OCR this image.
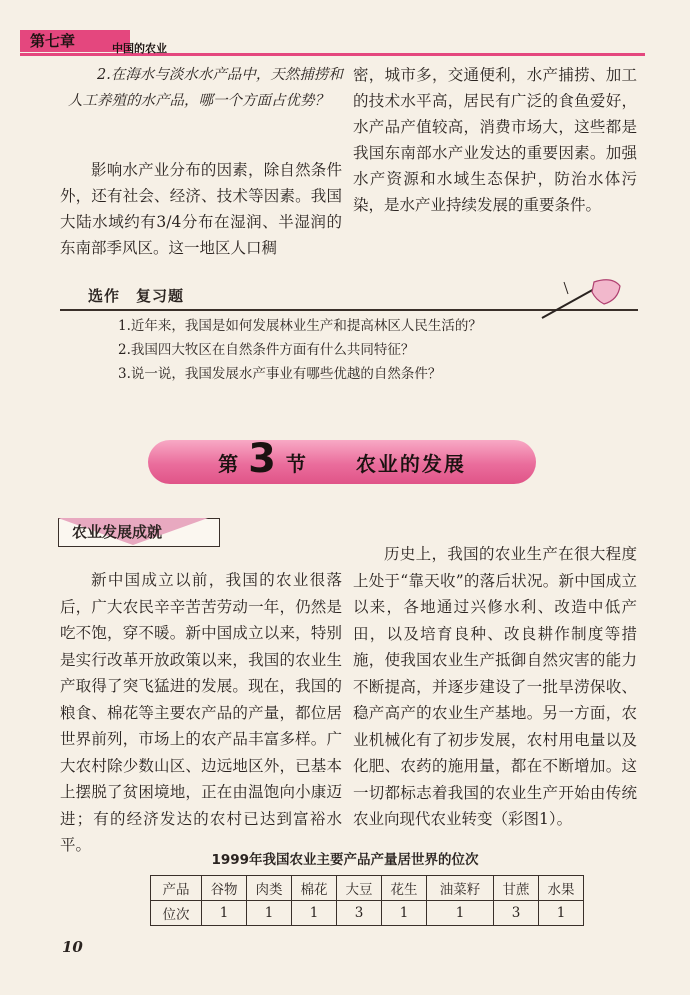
第七章	中国的农业

2.在海水与淡水水产品中，天然捕捞和人工养殖的水产品，哪一个方面占优势？

影响水产业分布的因素，除自然条件外，还有社会、经济、技术等因素。我国大陆水域约有3/4分布在湿润、半湿润的东南部季风区。这一地区人口稠

密，城市多，交通便利，水产捕捞、加工的技术水平高，居民有广泛的食鱼爱好，水产品产值较高，消费市场大，这些都是我国东南部水产业发达的重要因素。加强水产资源和水域生态保护，防治水体污染，是水产业持续发展的重要条件。

选作　复习题
1.近年来，我国是如何发展林业生产和提高林区人民生活的？
2.我国四大牧区在自然条件方面有什么共同特征？
3.说一说，我国发展水产事业有哪些优越的自然条件？
第 3 节	农业的发展
农业发展成就

新中国成立以前，我国的农业很落后，广大农民辛辛苦苦劳动一年，仍然是吃不饱，穿不暖。新中国成立以来，特别是实行改革开放政策以来，我国的农业生产取得了突飞猛进的发展。现在，我国的粮食、棉花等主要农产品的产量，都位居世界前列，市场上的农产品丰富多样。广大农村除少数山区、边远地区外，已基本上摆脱了贫困境地，正在由温饱向小康迈进；有的经济发达的农村已达到富裕水平。

历史上，我国的农业生产在很大程度上处于“靠天收”的落后状况。新中国成立以来，各地通过兴修水利、改造中低产田，以及培育良种、改良耕作制度等措施，使我国农业生产抵御自然灾害的能力不断提高，并逐步建设了一批旱涝保收、稳产高产的农业生产基地。另一方面，农业机械化有了初步发展，农村用电量以及化肥、农药的施用量，都在不断增加。这一切都标志着我国的农业生产开始由传统农业向现代农业转变（彩图1）。

1999年我国农业主要产品产量居世界的位次
产品	谷物	肉类	棉花	大豆	花生	油菜籽	甘蔗	水果
位次	1	1	1	3	1	1	3	1
10
